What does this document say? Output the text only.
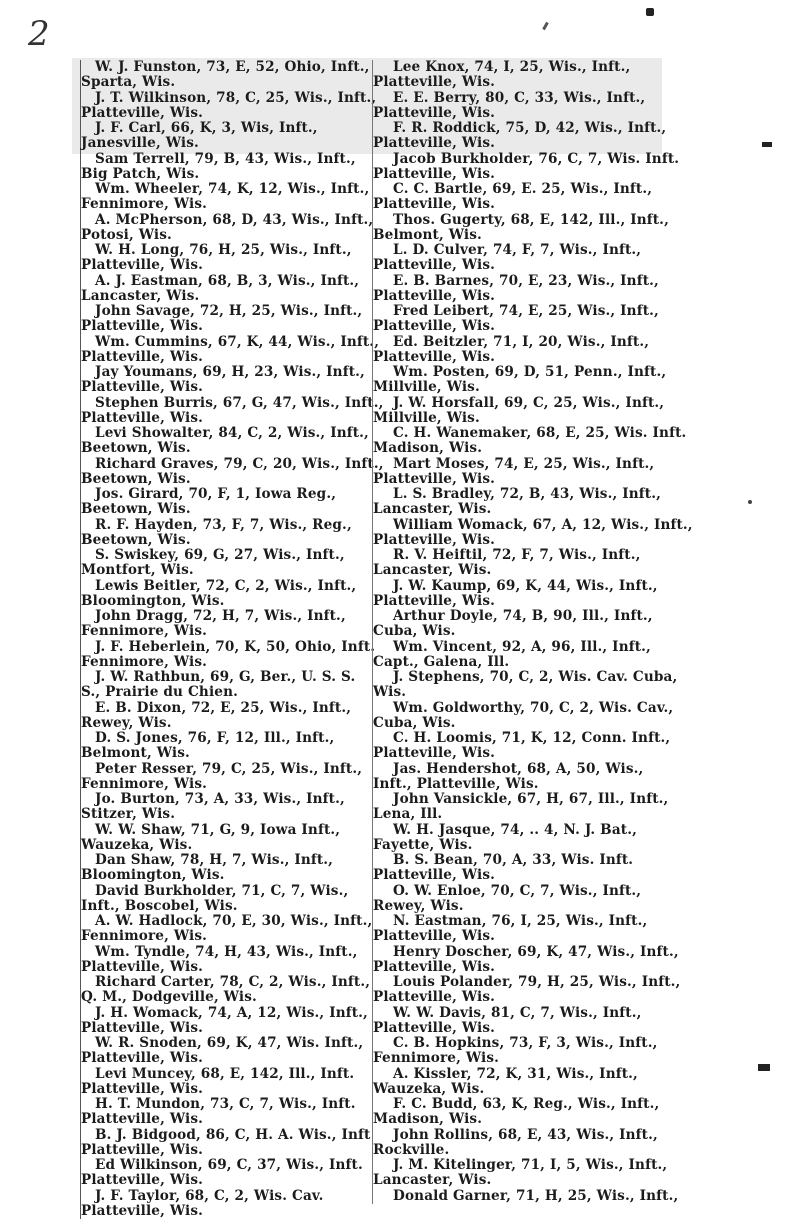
2
W. J. Funston, 73, E, 52, Ohio, Inft.,
Sparta, Wis.
J. T. Wilkinson, 78, C, 25, Wis., Inft.,
Platteville, Wis.
J. F. Carl, 66, K, 3, Wis, Inft.,
Janesville, Wis.
Sam Terrell, 79, B, 43, Wis., Inft.,
Big Patch, Wis.
Wm. Wheeler, 74, K, 12, Wis., Inft.,
Fennimore, Wis.
A. McPherson, 68, D, 43, Wis., Inft.,
Potosi, Wis.
W. H. Long, 76, H, 25, Wis., Inft.,
Platteville, Wis.
A. J. Eastman, 68, B, 3, Wis., Inft.,
Lancaster, Wis.
John Savage, 72, H, 25, Wis., Inft.,
Platteville, Wis.
Wm. Cummins, 67, K, 44, Wis., Inft.,
Platteville, Wis.
Jay Youmans, 69, H, 23, Wis., Inft.,
Platteville, Wis.
Stephen Burris, 67, G, 47, Wis., Inft.,
Platteville, Wis.
Levi Showalter, 84, C, 2, Wis., Inft.,
Beetown, Wis.
Richard Graves, 79, C, 20, Wis., Inft.,
Beetown, Wis.
Jos. Girard, 70, F, 1, Iowa Reg.,
Beetown, Wis.
R. F. Hayden, 73, F, 7, Wis., Reg.,
Beetown, Wis.
S. Swiskey, 69, G, 27, Wis., Inft.,
Montfort, Wis.
Lewis Beitler, 72, C, 2, Wis., Inft.,
Bloomington, Wis.
John Dragg, 72, H, 7, Wis., Inft.,
Fennimore, Wis.
J. F. Heberlein, 70, K, 50, Ohio, Inft.
Fennimore, Wis.
J. W. Rathbun, 69, G, Ber., U. S. S.
S., Prairie du Chien.
E. B. Dixon, 72, E, 25, Wis., Inft.,
Rewey, Wis.
D. S. Jones, 76, F, 12, Ill., Inft.,
Belmont, Wis.
Peter Resser, 79, C, 25, Wis., Inft.,
Fennimore, Wis.
Jo. Burton, 73, A, 33, Wis., Inft.,
Stitzer, Wis.
W. W. Shaw, 71, G, 9, Iowa Inft.,
Wauzeka, Wis.
Dan Shaw, 78, H, 7, Wis., Inft.,
Bloomington, Wis.
David Burkholder, 71, C, 7, Wis.,
Inft., Boscobel, Wis.
A. W. Hadlock, 70, E, 30, Wis., Inft.,
Fennimore, Wis.
Wm. Tyndle, 74, H, 43, Wis., Inft.,
Platteville, Wis.
Richard Carter, 78, C, 2, Wis., Inft.,
Q. M., Dodgeville, Wis.
J. H. Womack, 74, A, 12, Wis., Inft.,
Platteville, Wis.
W. R. Snoden, 69, K, 47, Wis. Inft.,
Platteville, Wis.
Levi Muncey, 68, E, 142, Ill., Inft.
Platteville, Wis.
H. T. Mundon, 73, C, 7, Wis., Inft.
Platteville, Wis.
B. J. Bidgood, 86, C, H. A. Wis., Inft
Platteville, Wis.
Ed Wilkinson, 69, C, 37, Wis., Inft.
Platteville, Wis.
J. F. Taylor, 68, C, 2, Wis. Cav.
Platteville, Wis.
Lee Knox, 74, I, 25, Wis., Inft.,
Platteville, Wis.
E. E. Berry, 80, C, 33, Wis., Inft.,
Platteville, Wis.
F. R. Roddick, 75, D, 42, Wis., Inft.,
Platteville, Wis.
Jacob Burkholder, 76, C, 7, Wis. Inft.
Platteville, Wis.
C. C. Bartle, 69, E. 25, Wis., Inft.,
Platteville, Wis.
Thos. Gugerty, 68, E, 142, Ill., Inft.,
Belmont, Wis.
L. D. Culver, 74, F, 7, Wis., Inft.,
Platteville, Wis.
E. B. Barnes, 70, E, 23, Wis., Inft.,
Platteville, Wis.
Fred Leibert, 74, E, 25, Wis., Inft.,
Platteville, Wis.
Ed. Beitzler, 71, I, 20, Wis., Inft.,
Platteville, Wis.
Wm. Posten, 69, D, 51, Penn., Inft.,
Millville, Wis.
J. W. Horsfall, 69, C, 25, Wis., Inft.,
Millville, Wis.
C. H. Wanemaker, 68, E, 25, Wis. Inft.
Madison, Wis.
Mart Moses, 74, E, 25, Wis., Inft.,
Platteville, Wis.
L. S. Bradley, 72, B, 43, Wis., Inft.,
Lancaster, Wis.
William Womack, 67, A, 12, Wis., Inft.,
Platteville, Wis.
R. V. Heiftil, 72, F, 7, Wis., Inft.,
Lancaster, Wis.
J. W. Kaump, 69, K, 44, Wis., Inft.,
Platteville, Wis.
Arthur Doyle, 74, B, 90, Ill., Inft.,
Cuba, Wis.
Wm. Vincent, 92, A, 96, Ill., Inft.,
Capt., Galena, Ill.
J. Stephens, 70, C, 2, Wis. Cav. Cuba,
Wis.
Wm. Goldworthy, 70, C, 2, Wis. Cav.,
Cuba, Wis.
C. H. Loomis, 71, K, 12, Conn. Inft.,
Platteville, Wis.
Jas. Hendershot, 68, A, 50, Wis.,
Inft., Platteville, Wis.
John Vansickle, 67, H, 67, Ill., Inft.,
Lena, Ill.
W. H. Jasque, 74, .. 4, N. J. Bat.,
Fayette, Wis.
B. S. Bean, 70, A, 33, Wis. Inft.
Platteville, Wis.
O. W. Enloe, 70, C, 7, Wis., Inft.,
Rewey, Wis.
N. Eastman, 76, I, 25, Wis., Inft.,
Platteville, Wis.
Henry Doscher, 69, K, 47, Wis., Inft.,
Platteville, Wis.
Louis Polander, 79, H, 25, Wis., Inft.,
Platteville, Wis.
W. W. Davis, 81, C, 7, Wis., Inft.,
Platteville, Wis.
C. B. Hopkins, 73, F, 3, Wis., Inft.,
Fennimore, Wis.
A. Kissler, 72, K, 31, Wis., Inft.,
Wauzeka, Wis.
F. C. Budd, 63, K, Reg., Wis., Inft.,
Madison, Wis.
John Rollins, 68, E, 43, Wis., Inft.,
Rockville.
J. M. Kitelinger, 71, I, 5, Wis., Inft.,
Lancaster, Wis.
Donald Garner, 71, H, 25, Wis., Inft.,
